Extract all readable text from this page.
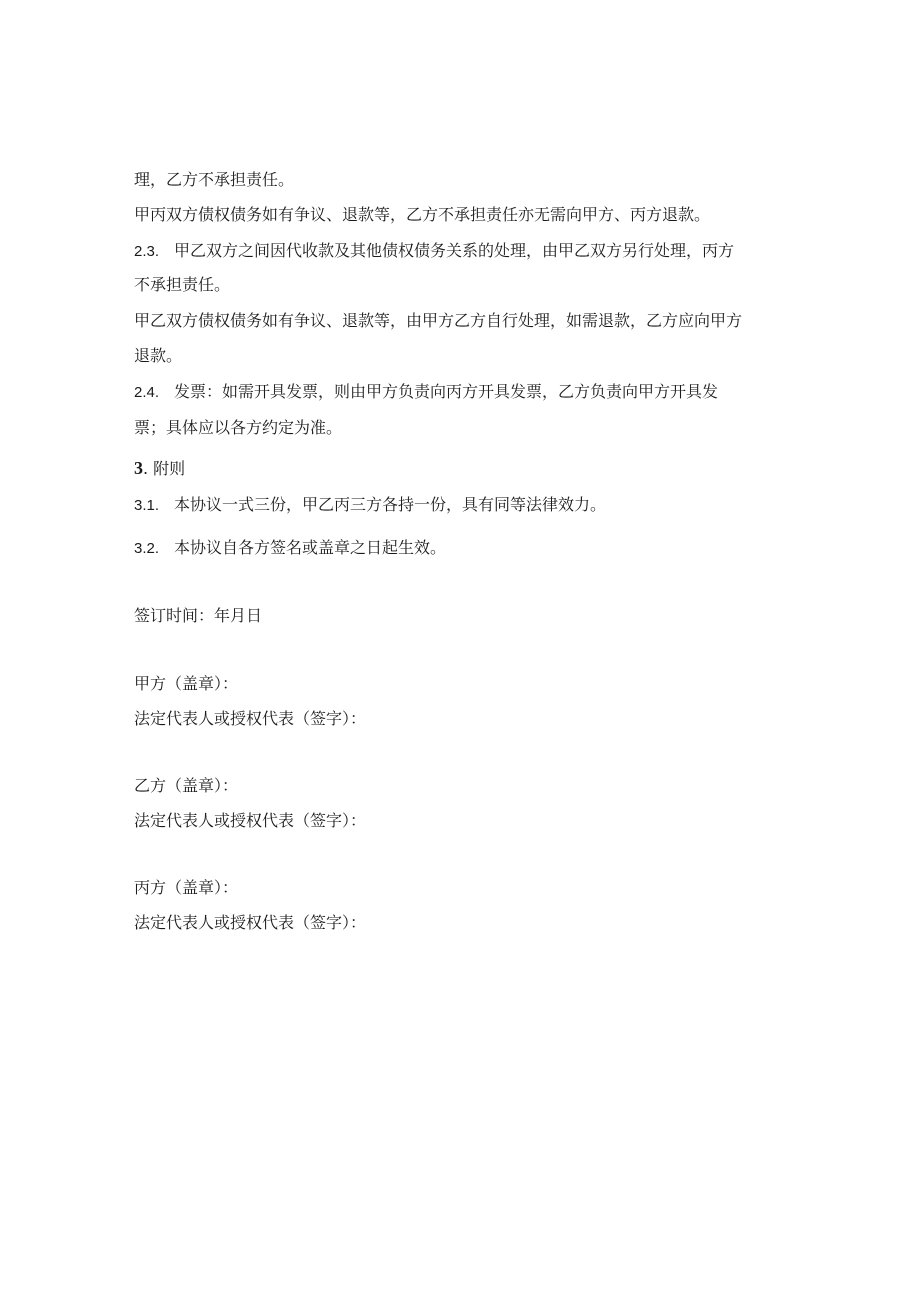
理，乙方不承担责任。
甲丙双方债权债务如有争议、退款等，乙方不承担责任亦无需向甲方、丙方退款。
2.3. 甲乙双方之间因代收款及其他债权债务关系的处理，由甲乙双方另行处理，丙方
不承担责任。
甲乙双方债权债务如有争议、退款等，由甲方乙方自行处理，如需退款，乙方应向甲方
退款。
2.4. 发票：如需开具发票，则由甲方负责向丙方开具发票，乙方负责向甲方开具发
票；具体应以各方约定为准。
3. 附则
3.1. 本协议一式三份，甲乙丙三方各持一份，具有同等法律效力。
3.2. 本协议自各方签名或盖章之日起生效。
签订时间：年月日
甲方（盖章）：
法定代表人或授权代表（签字）：
乙方（盖章）：
法定代表人或授权代表（签字）：
丙方（盖章）：
法定代表人或授权代表（签字）：
